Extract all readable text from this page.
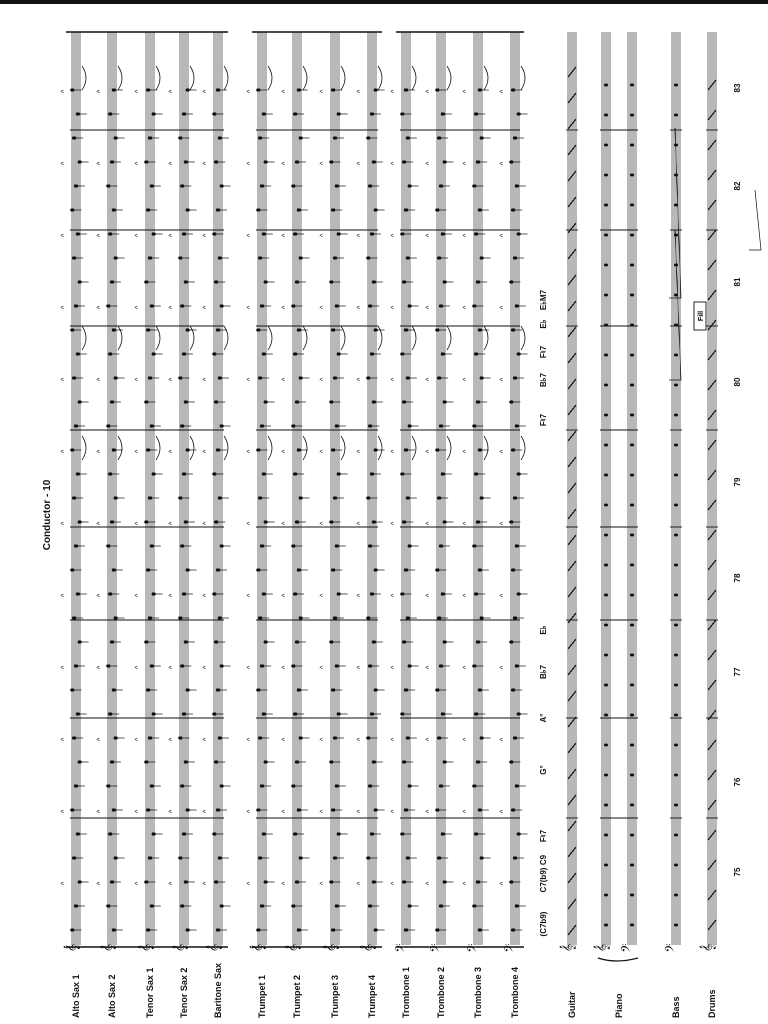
𝄞 𝄞 𝄞 𝄞 𝄞 𝄞 𝄞 𝄞 𝄞 𝄢 𝄢 𝄢 𝄢	𝄞 𝄞 𝄢 𝄢 𝄞
^	^	^	^	^	^	^	^	^	^	^	^	^
^	^	^	^	^	^	^	^	^	^	^	^	^
^	^	^	^	^	^	^	^	^	^	^	^	^
^	^	^	^	^	^	^	^	^	^	^	^	^
^	^	^	^	^	^	^	^	^	^	^	^	^
^	^	^	^	^	^	^	^	^	^	^	^	^
^	^	^	^	^	^	^	^	^	^	^	^	^
^	^	^	^	^	^	^	^	^	^	^	^	^
^	^	^	^	^	^	^	^	^	^	^	^	^
^	^	^	^	^	^	^	^	^	^	^	^	^
^	^	^	^	^	^	^	^	^	^	^	^	^
^	^	^	^	^	^	^	^	^	^	^	^	^
Alto Sax 1	Alto Sax 2	Tenor Sax 1	Tenor Sax 2	Baritone Sax	Trumpet 1	Trumpet 2	Trumpet 3	Trumpet 4	Trombone 1	Trombone 2	Trombone 3	Trombone 4	Guitar	Piano	Bass	Drums
Conductor - 10
75
76
77
78
79
80
81
82
83
(C7b9)
C7(b9)
C9
F♮7
G°
A°
B♭7
E♭
F♮7
B♭7
F♮7
E♭
E♭M7
Fill
